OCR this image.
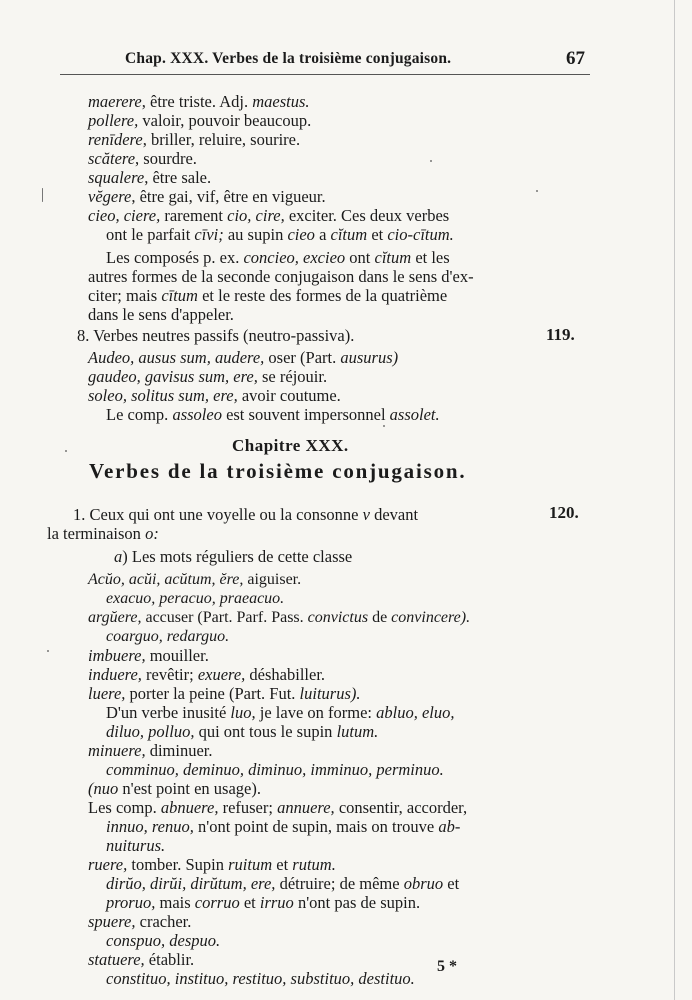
Chap. XXX. Verbes de la troisième conjugaison.	67
maerere, être triste. Adj. maestus.
pollere, valoir, pouvoir beaucoup.
renīdere, briller, reluire, sourire.
scătere, sourdre.
squalere, être sale.
vĕgere, être gai, vif, être en vigueur.
cieo, ciere, rarement cio, cire, exciter. Ces deux verbes
ont le parfait cīvi; au supin cieo a cĭtum et cio-cītum.
Les composés p. ex. concieo, excieo ont cĭtum et les
autres formes de la seconde conjugaison dans le sens d'ex-
citer; mais cītum et le reste des formes de la quatrième
dans le sens d'appeler.
8. Verbes neutres passifs (neutro-passiva).
Audeo, ausus sum, audere, oser (Part. ausurus)
gaudeo, gavisus sum, ere, se réjouir.
soleo, solitus sum, ere, avoir coutume.
Le comp. assoleo est souvent impersonnel assolet.
1. Ceux qui ont une voyelle ou la consonne v devant
la terminaison o:
a) Les mots réguliers de cette classe
Acŭo, acŭi, acŭtum, ĕre, aiguiser.
exacuo, peracuo, praeacuo.
argŭere, accuser (Part. Parf. Pass. convictus de convincere).
coarguo, redarguo.
imbuere, mouiller.
induere, revêtir; exuere, déshabiller.
luere, porter la peine (Part. Fut. luiturus).
D'un verbe inusité luo, je lave on forme: abluo, eluo,
diluo, polluo, qui ont tous le supin lutum.
minuere, diminuer.
comminuo, deminuo, diminuo, imminuo, perminuo.
(nuo n'est point en usage).
Les comp. abnuere, refuser; annuere, consentir, accorder,
innuo, renuo, n'ont point de supin, mais on trouve ab-
nuiturus.
ruere, tomber. Supin ruitum et rutum.
dirŭo, dirŭi, dirŭtum, ere, détruire; de même obruo et
proruo, mais corruo et irruo n'ont pas de supin.
spuere, cracher.
conspuo, despuo.
statuere, établir.
constituo, instituo, restituo, substituo, destituo.
Chapitre XXX.
Verbes de la troisième conjugaison.
119.
120.
5 *
